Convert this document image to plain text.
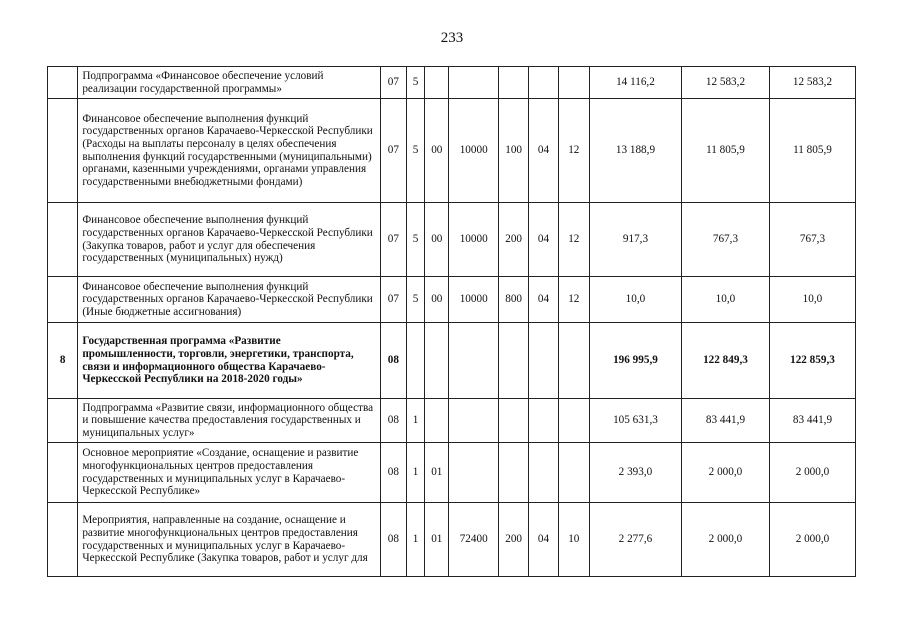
233
	Подпрограмма «Финансовое обеспечение условий реализации государственной программы»	07	5						14 116,2	12 583,2	12 583,2
	Финансовое обеспечение выполнения функций государственных органов Карачаево-Черкесской Республики (Расходы на выплаты персоналу в целях обеспечения выполнения функций государственными (муниципальными) органами, казенными учреждениями, органами управления государственными внебюджетными фондами)	07	5	00	10000	100	04	12	13 188,9	11 805,9	11 805,9
	Финансовое обеспечение выполнения функций государственных органов Карачаево-Черкесской Республики (Закупка товаров, работ и услуг для обеспечения государственных (муниципальных) нужд)	07	5	00	10000	200	04	12	917,3	767,3	767,3
	Финансовое обеспечение выполнения функций государственных органов Карачаево-Черкесской Республики (Иные бюджетные ассигнования)	07	5	00	10000	800	04	12	10,0	10,0	10,0
8	Государственная программа «Развитие промышленности, торговли, энергетики, транспорта, связи и информационного общества Карачаево-Черкесской Республики на 2018-2020 годы»	08							196 995,9	122 849,3	122 859,3
	Подпрограмма «Развитие связи, информационного общества и повышение качества предоставления государственных и муниципальных услуг»	08	1						105 631,3	83 441,9	83 441,9
	Основное мероприятие «Создание, оснащение и развитие многофункциональных центров предоставления государственных и муниципальных услуг в Карачаево-Черкесской Республике»	08	1	01					2 393,0	2 000,0	2 000,0
	Мероприятия, направленные на создание, оснащение и развитие многофункциональных центров предоставления государственных и муниципальных услуг в Карачаево-Черкесской Республике (Закупка товаров, работ и услуг для	08	1	01	72400	200	04	10	2 277,6	2 000,0	2 000,0
